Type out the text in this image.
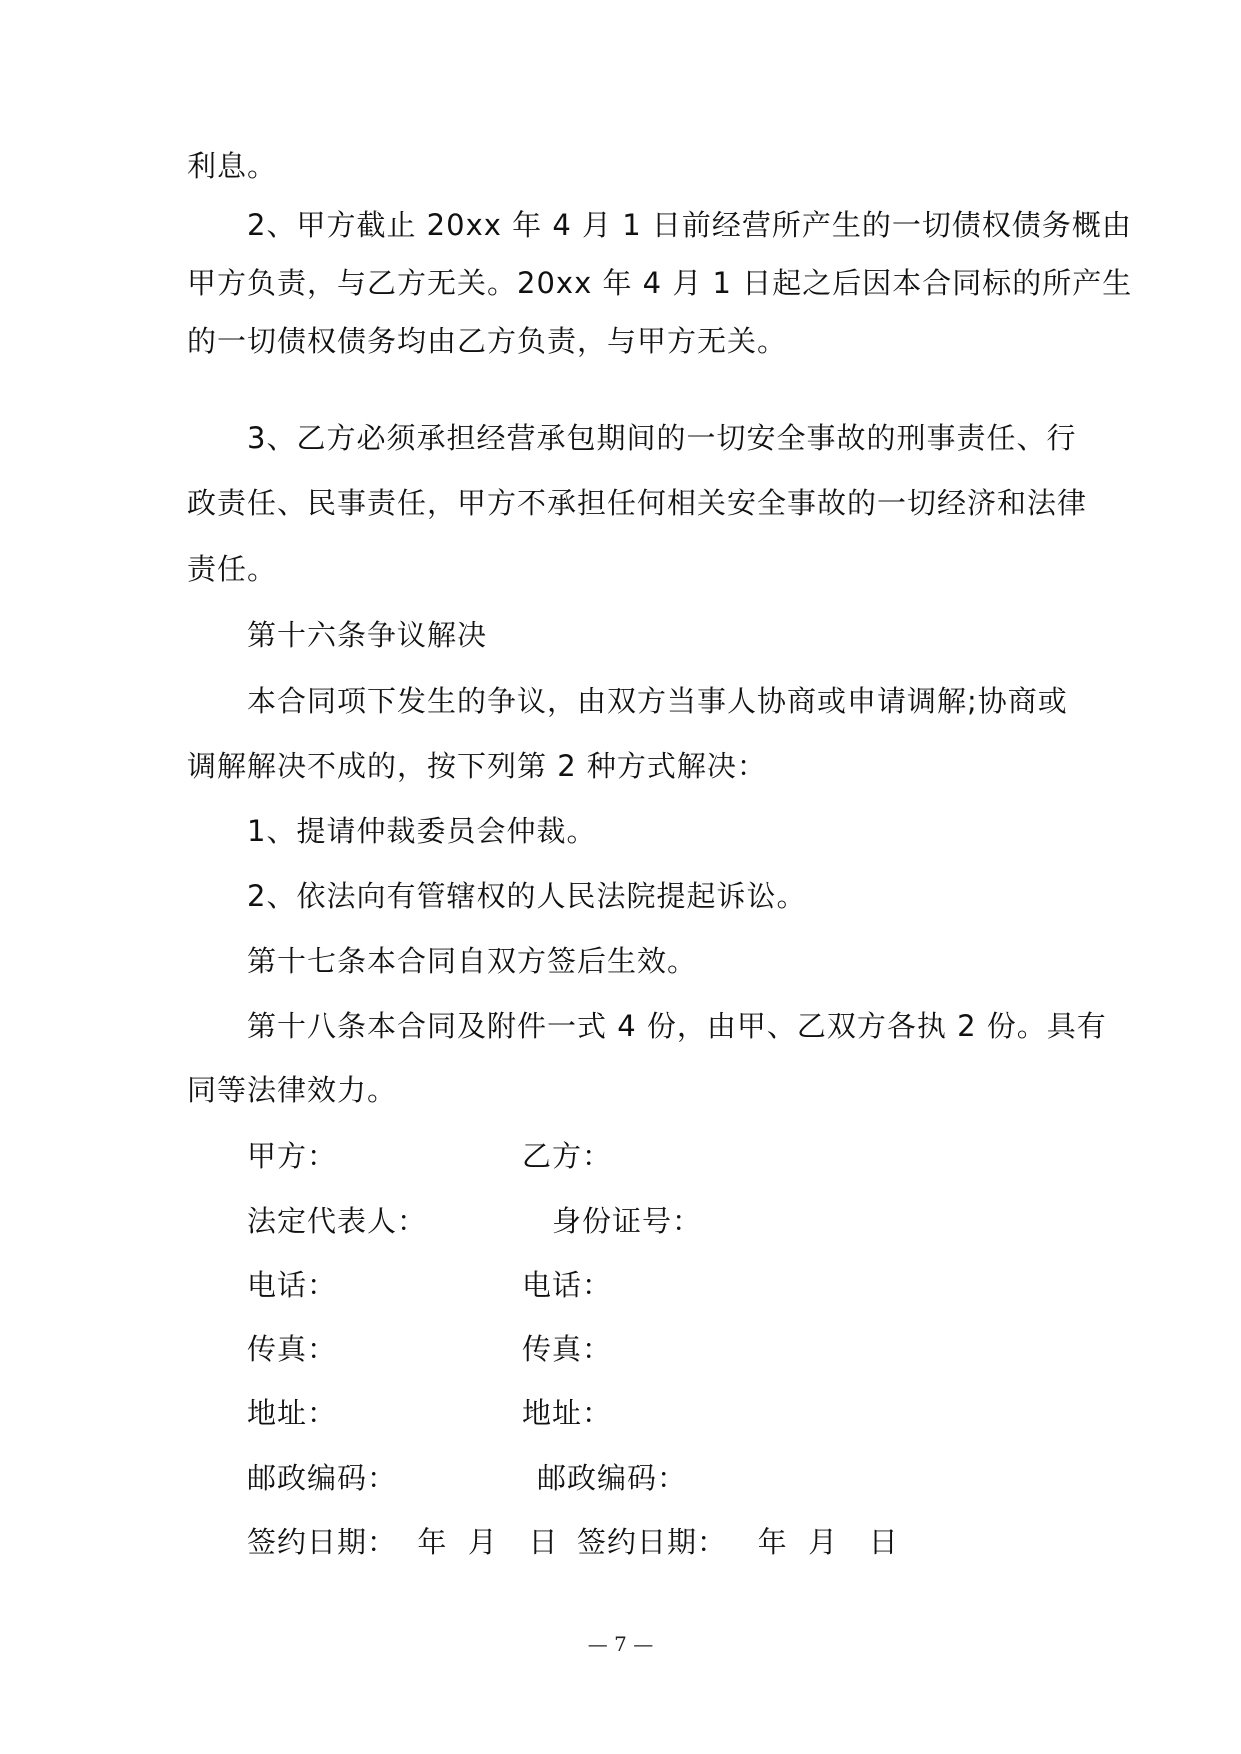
利息。
2、甲方截止 20xx 年 4 月 1 日前经营所产生的一切债权债务概由
甲方负责，与乙方无关。20xx 年 4 月 1 日起之后因本合同标的所产生
的一切债权债务均由乙方负责，与甲方无关。
3、乙方必须承担经营承包期间的一切安全事故的刑事责任、行
政责任、民事责任，甲方不承担任何相关安全事故的一切经济和法律
责任。
第十六条争议解决
本合同项下发生的争议，由双方当事人协商或申请调解;协商或
调解解决不成的，按下列第 2 种方式解决：
1、提请仲裁委员会仲裁。
2、依法向有管辖权的人民法院提起诉讼。
第十七条本合同自双方签后生效。
第十八条本合同及附件一式 4 份，由甲、乙双方各执 2 份。具有
同等法律效力。
甲方：	乙方：
法定代表人：	身份证号：
电话：	电话：
传真：	传真：
地址：	地址：
邮政编码：	邮政编码：
签约日期：  年  月   日 签约日期：   年  月   日
— 7 —
